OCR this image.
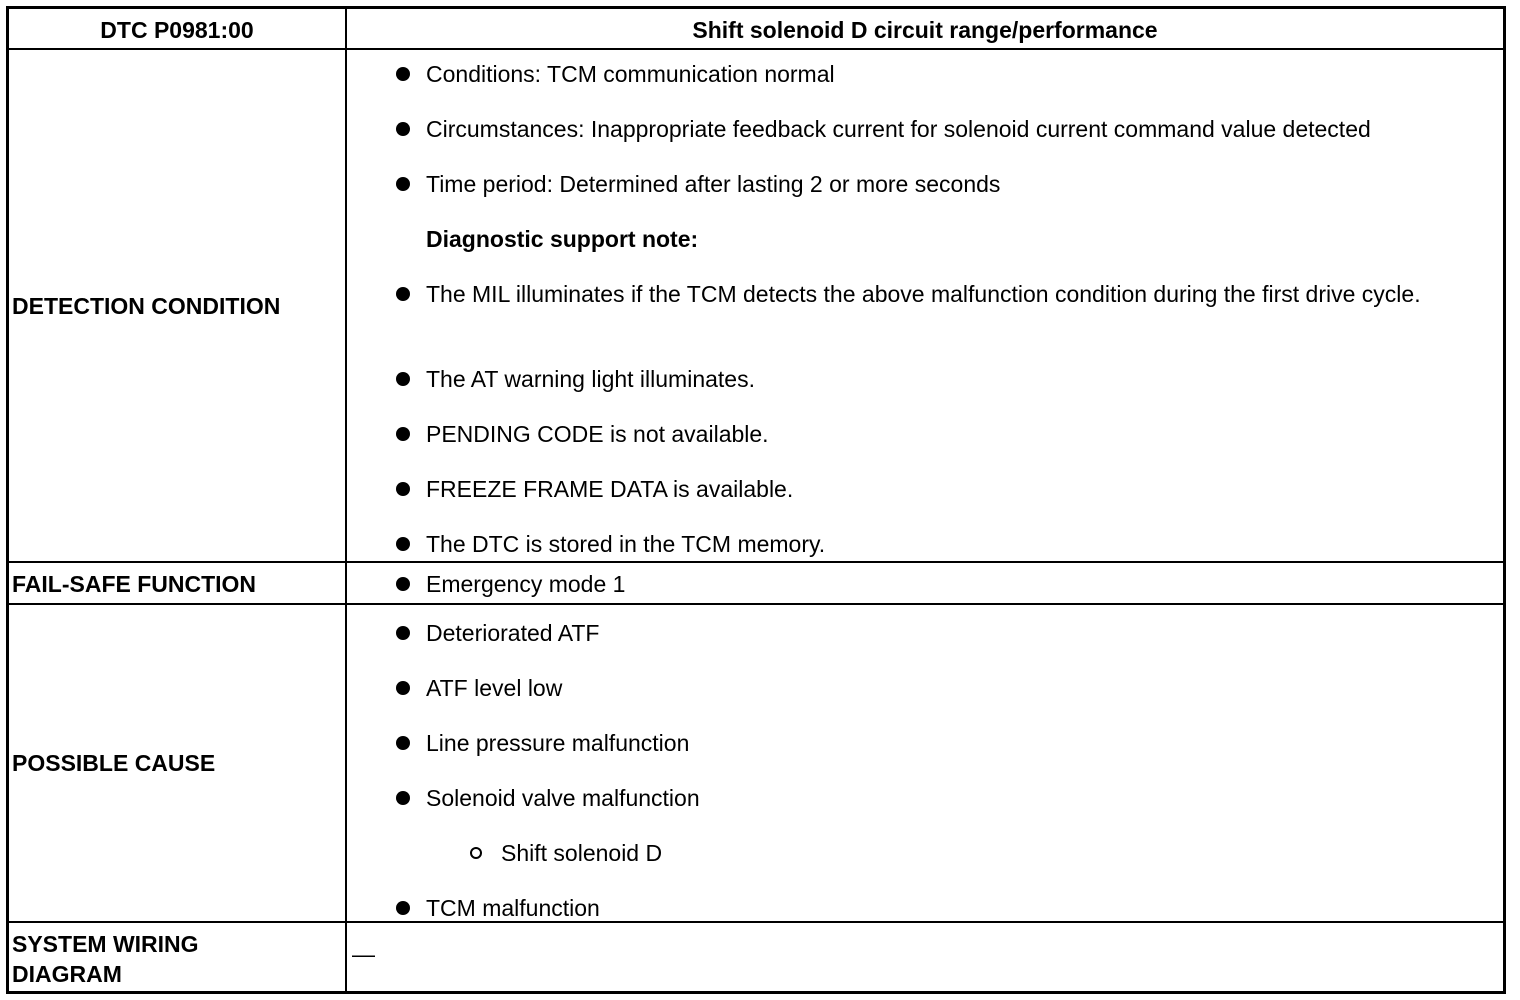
DTC P0981:00	Shift solenoid D circuit range/performance
DETECTION CONDITION
Conditions: TCM communication normal
Circumstances: Inappropriate feedback current for solenoid current command value detected
Time period: Determined after lasting 2 or more seconds
Diagnostic support note:
The MIL illuminates if the TCM detects the above malfunction condition during the first drive cycle.
The AT warning light illuminates.
PENDING CODE is not available.
FREEZE FRAME DATA is available.
The DTC is stored in the TCM memory.
FAIL-SAFE FUNCTION	Emergency mode 1
POSSIBLE CAUSE
Deteriorated ATF
ATF level low
Line pressure malfunction
Solenoid valve malfunction
Shift solenoid D
TCM malfunction
SYSTEM WIRING DIAGRAM
—
